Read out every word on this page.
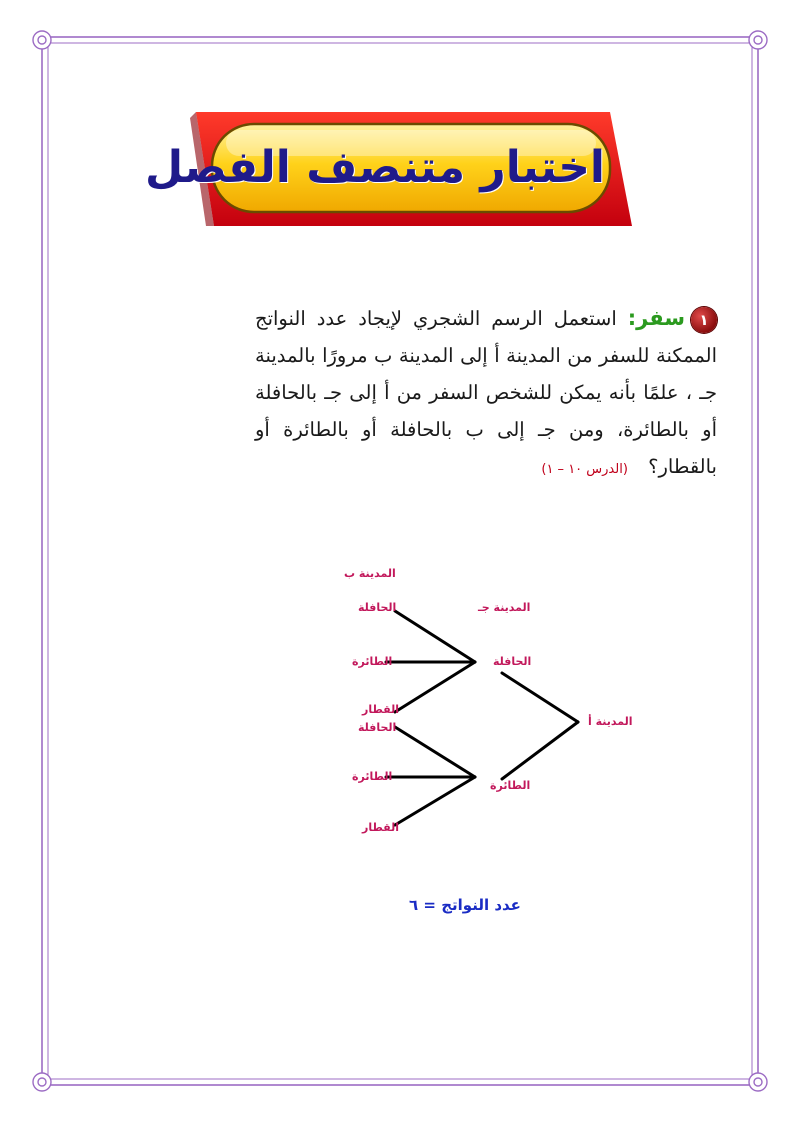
اختبار متنصف الفصل
١سفر: استعمل الرسم الشجري لإيجاد عدد النواتج الممكنة للسفر من المدينة أ إلى المدينة ب مرورًا بالمدينة جـ ، علمًا بأنه يمكن للشخص السفر من أ إلى جـ بالحافلة أو بالطائرة، ومن جـ إلى ب بالحافلة أو بالطائرة أو بالقطار؟ (الدرس ١٠ – ١)
المدينة ب
المدينة جـ
المدينة أ
الحافلة
الطائرة
الحافلة
الطائرة
القطار
الحافلة
الطائرة
القطار
عدد النواتج = ٦
